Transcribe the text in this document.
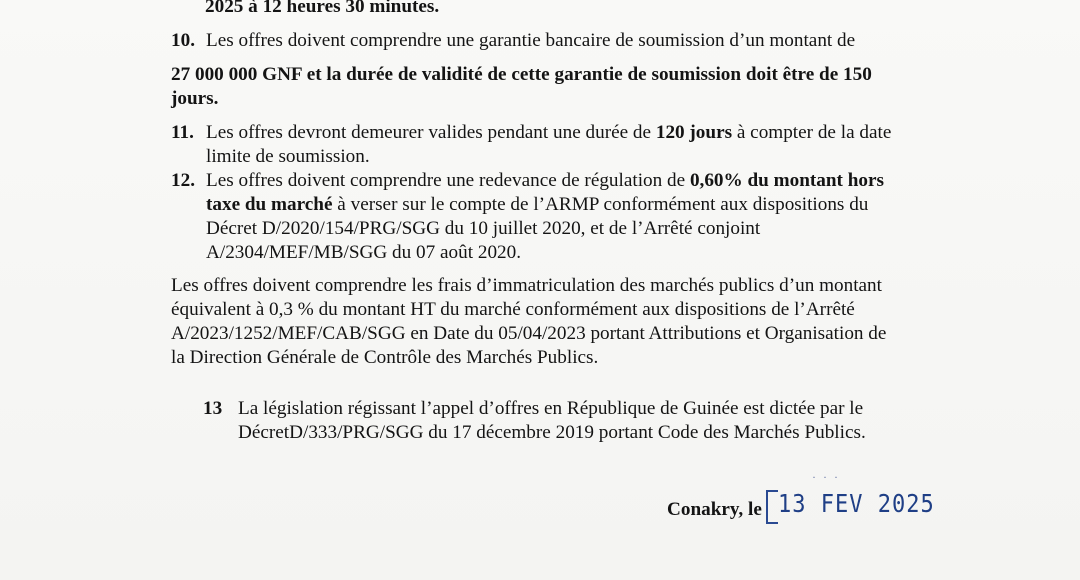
2025 à 12 heures 30 minutes.
10. Les offres doivent comprendre une garantie bancaire de soumission d’un montant de
27 000 000 GNF et la durée de validité de cette garantie de soumission doit être de 150
jours.
11. Les offres devront demeurer valides pendant une durée de 120 jours à compter de la date
limite de soumission.
12. Les offres doivent comprendre une redevance de régulation de 0,60% du montant hors
taxe du marché à verser sur le compte de l’ARMP conformément aux dispositions du
Décret D/2020/154/PRG/SGG du 10 juillet 2020, et de l’Arrêté conjoint
A/2304/MEF/MB/SGG du 07 août 2020.
Les offres doivent comprendre les frais d’immatriculation des marchés publics d’un montant
équivalent à 0,3 % du montant HT du marché conformément aux dispositions de l’Arrêté
A/2023/1252/MEF/CAB/SGG en Date du 05/04/2023 portant Attributions et Organisation de
la Direction Générale de Contrôle des Marchés Publics.
13 La législation régissant l’appel d’offres en République de Guinée est dictée par le
DécretD/333/PRG/SGG du 17 décembre 2019 portant Code des Marchés Publics.
Conakry, le
· · ·
13 FEV 2025
